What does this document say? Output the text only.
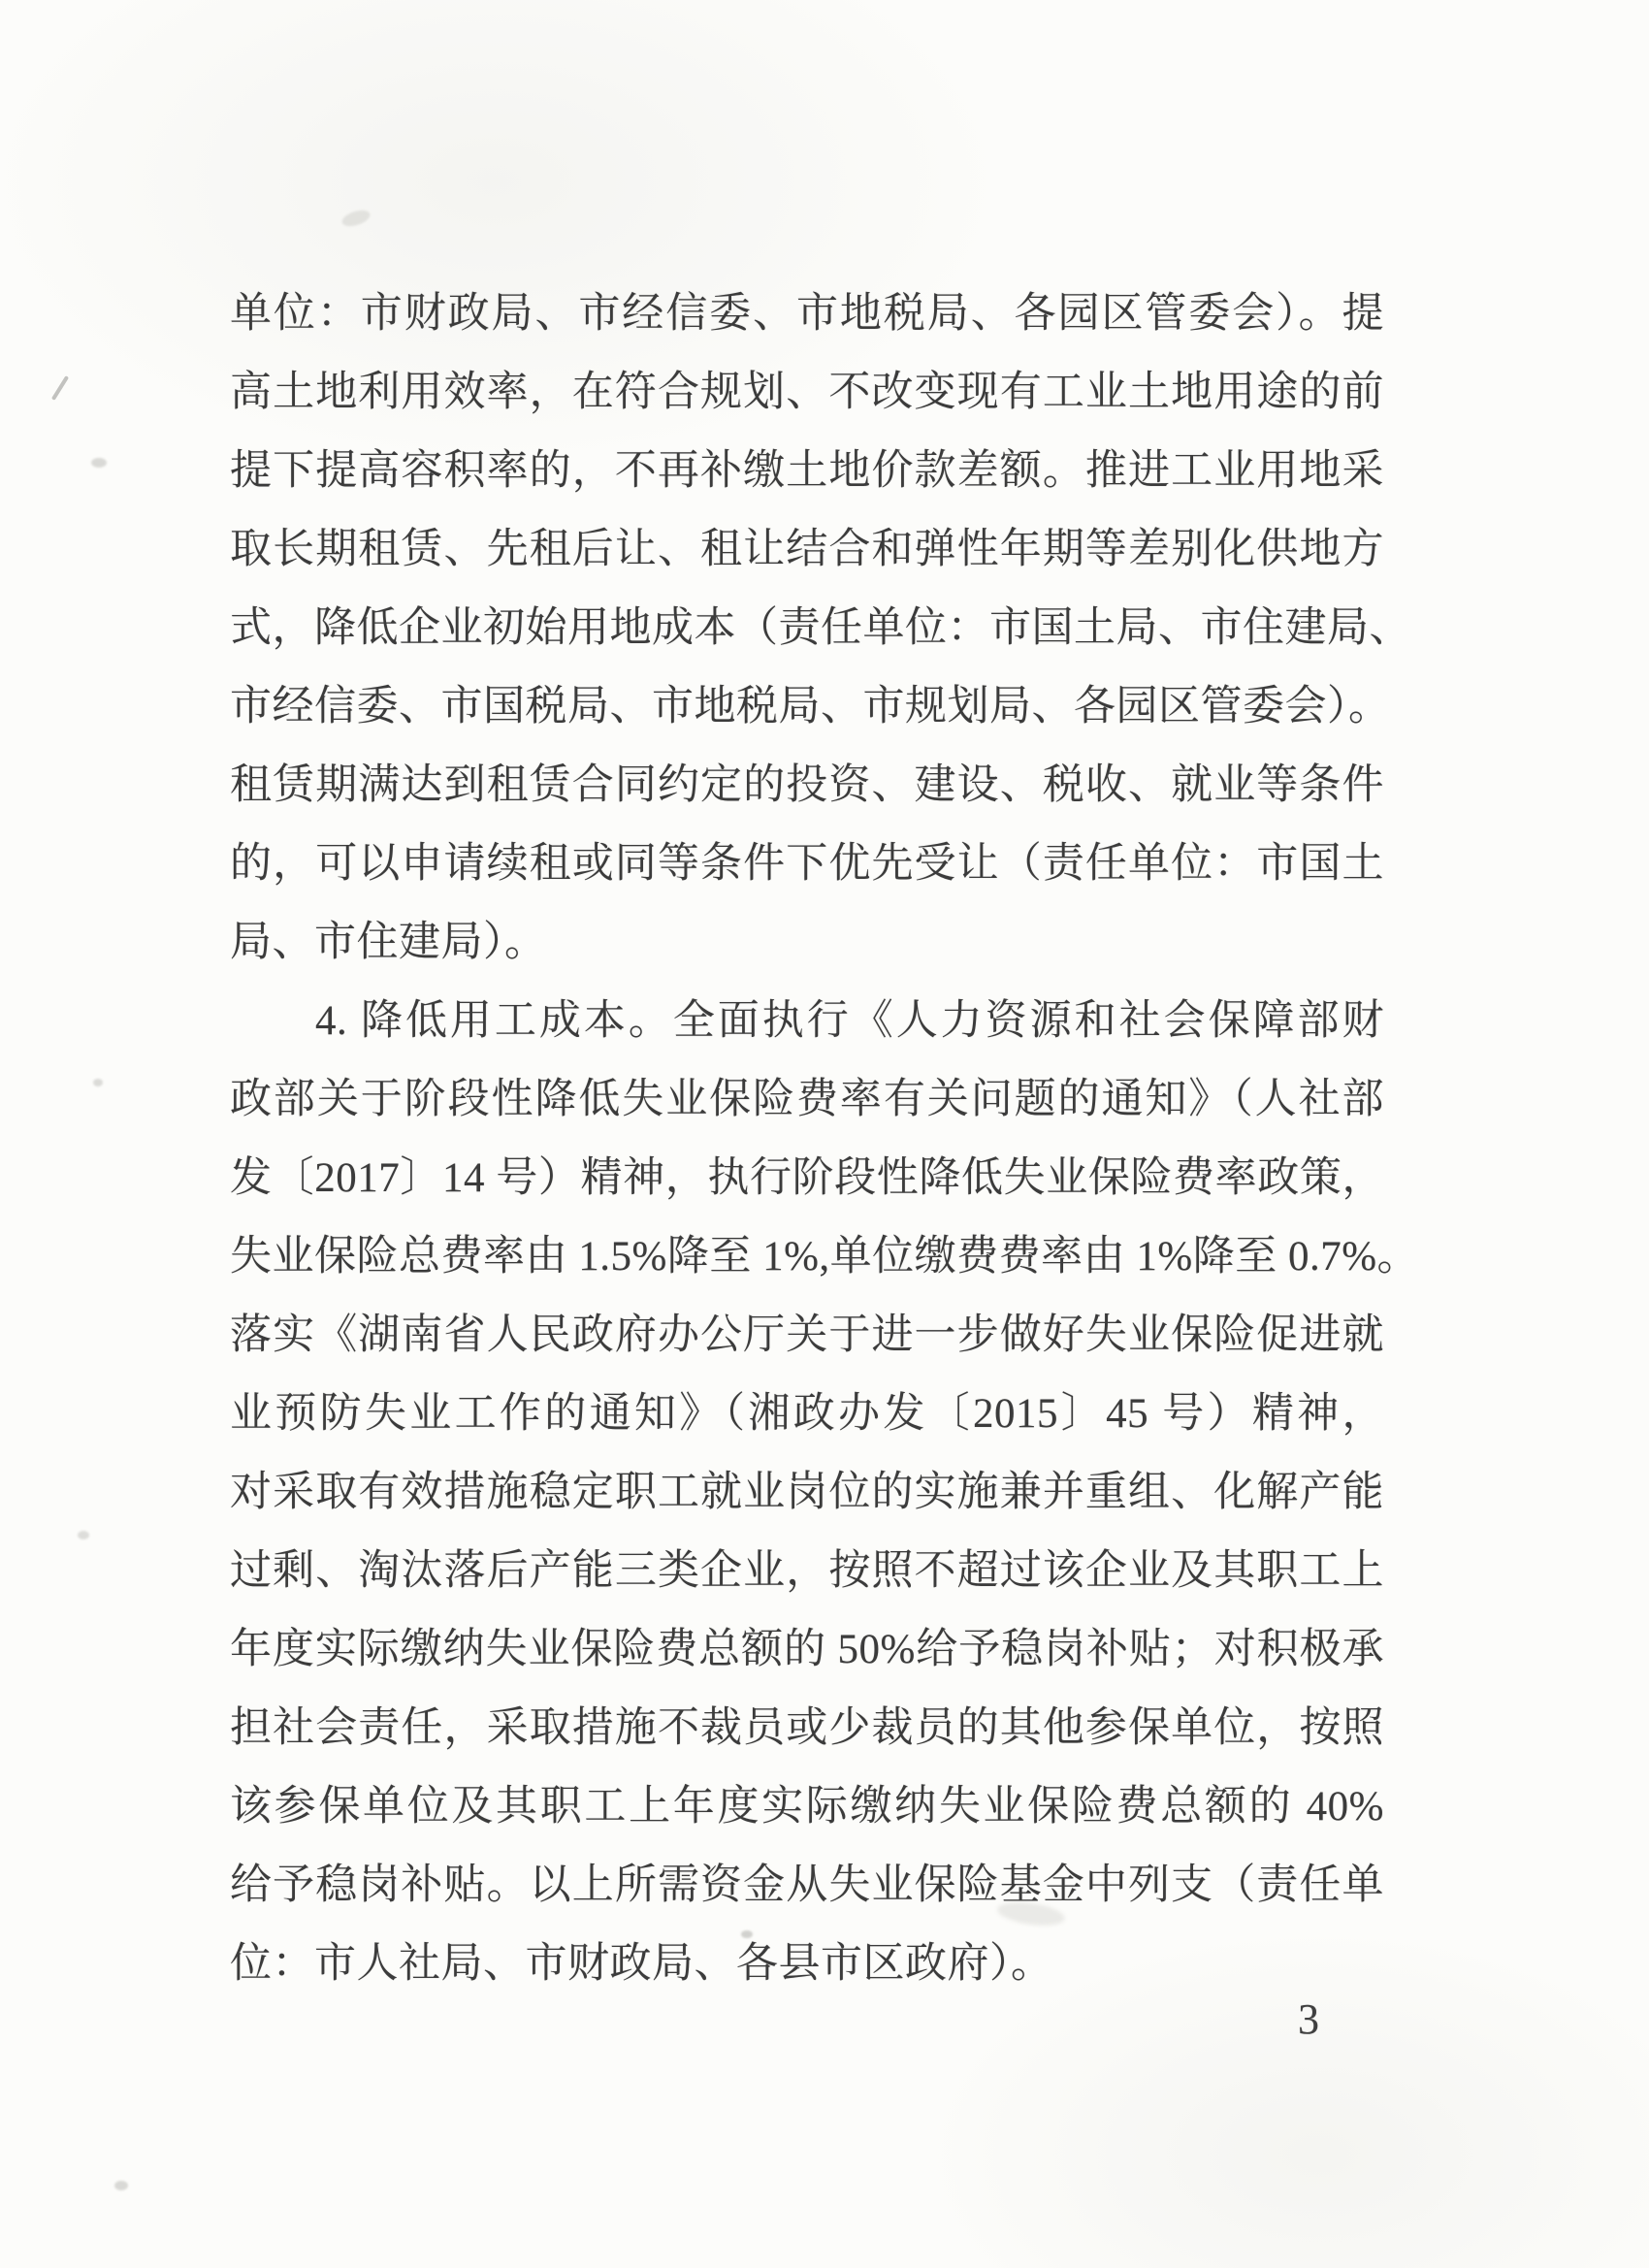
单位：市财政局、市经信委、市地税局、各园区管委会）。提
高土地利用效率，在符合规划、不改变现有工业土地用途的前
提下提高容积率的，不再补缴土地价款差额。推进工业用地采
取长期租赁、先租后让、租让结合和弹性年期等差别化供地方
式，降低企业初始用地成本（责任单位：市国土局、市住建局、
市经信委、市国税局、市地税局、市规划局、各园区管委会）。
租赁期满达到租赁合同约定的投资、建设、税收、就业等条件
的，可以申请续租或同等条件下优先受让（责任单位：市国土
局、市住建局）。
4. 降低用工成本。全面执行《人力资源和社会保障部财
政部关于阶段性降低失业保险费率有关问题的通知》（人社部
发〔2017〕14 号）精神，执行阶段性降低失业保险费率政策，
失业保险总费率由 1.5%降至 1%,单位缴费费率由 1%降至 0.7%。
落实《湖南省人民政府办公厅关于进一步做好失业保险促进就
业预防失业工作的通知》（湘政办发〔2015〕45 号）精神，
对采取有效措施稳定职工就业岗位的实施兼并重组、化解产能
过剩、淘汰落后产能三类企业，按照不超过该企业及其职工上
年度实际缴纳失业保险费总额的 50%给予稳岗补贴；对积极承
担社会责任，采取措施不裁员或少裁员的其他参保单位，按照
该参保单位及其职工上年度实际缴纳失业保险费总额的 40%
给予稳岗补贴。以上所需资金从失业保险基金中列支（责任单
位：市人社局、市财政局、各县市区政府）。
3
